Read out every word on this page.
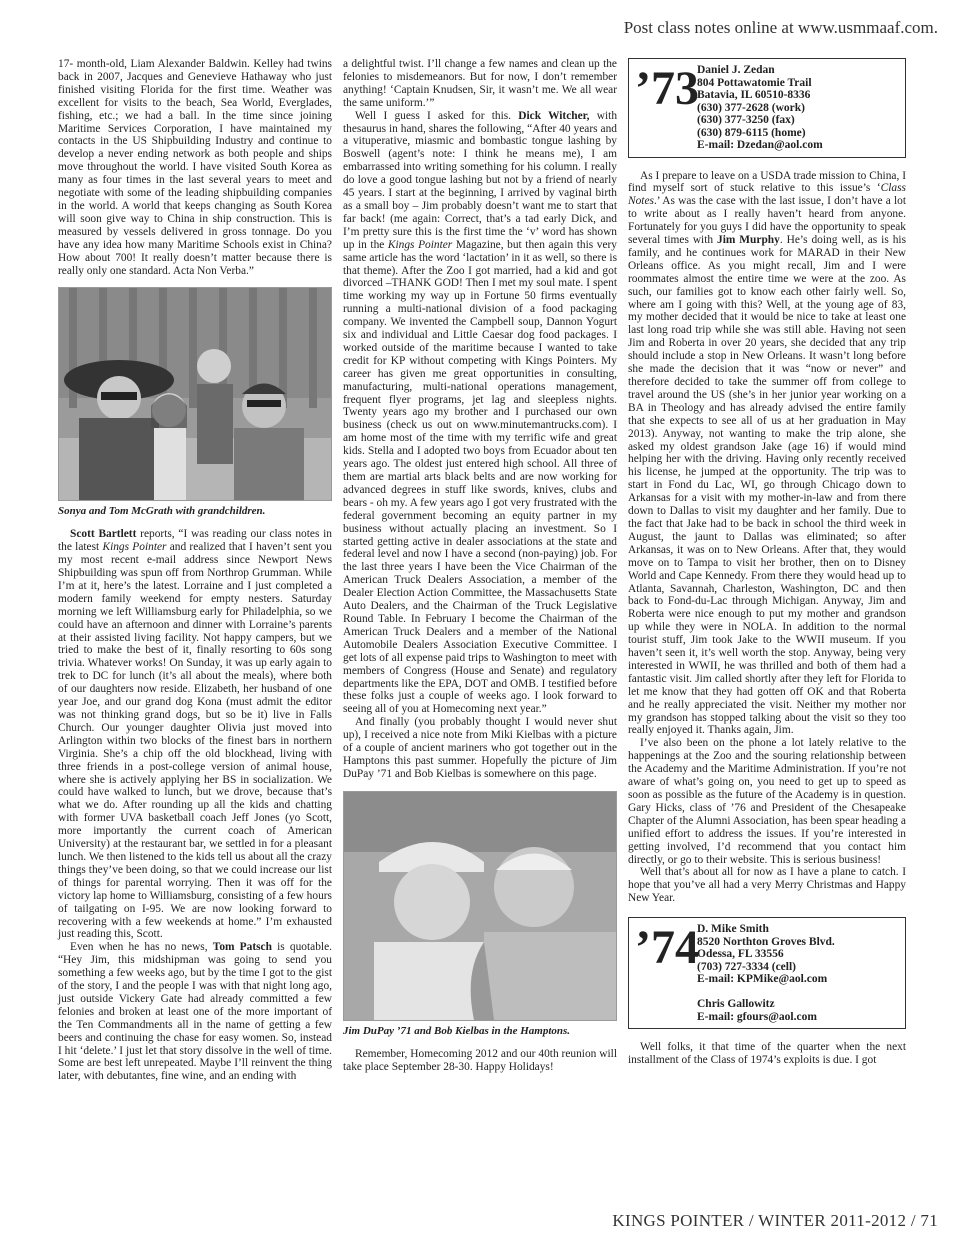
Post class notes online at www.usmmaaf.com.

17- month-old, Liam Alexander Baldwin. Kelley had twins back in 2007, Jacques and Genevieve Hathaway who just finished visiting Florida for the first time. Weather was excellent for visits to the beach, Sea World, Everglades, fishing, etc.; we had a ball. In the time since joining Maritime Services Corporation, I have maintained my contacts in the US Shipbuilding Industry and continue to develop a never ending network as both people and ships move throughout the world. I have visited South Korea as many as four times in the last several years to meet and negotiate with some of the leading shipbuilding companies in the world. A world that keeps changing as South Korea will soon give way to China in ship construction. This is measured by vessels delivered in gross tonnage. Do you have any idea how many Maritime Schools exist in China? How about 700! It really doesn’t matter because there is really only one standard. Acta Non Verba.”

Sonya and Tom McGrath with grandchildren.

Scott Bartlett reports, “I was reading our class notes in the latest Kings Pointer and realized that I haven’t sent you my most recent e-mail address since Newport News Shipbuilding was spun off from Northrop Grumman. While I’m at it, here’s the latest. Lorraine and I just completed a modern family weekend for empty nesters. Saturday morning we left Williamsburg early for Philadelphia, so we could have an afternoon and dinner with Lorraine’s parents at their assisted living facility. Not happy campers, but we tried to make the best of it, finally resorting to 60s song trivia. Whatever works! On Sunday, it was up early again to trek to DC for lunch (it’s all about the meals), where both of our daughters now reside. Elizabeth, her husband of one year Joe, and our grand dog Kona (must admit the editor was not thinking grand dogs, but so be it) live in Falls Church. Our younger daughter Olivia just moved into Arlington within two blocks of the finest bars in northern Virginia. She’s a chip off the old blockhead, living with three friends in a post-college version of animal house, where she is actively applying her BS in socialization. We could have walked to lunch, but we drove, because that’s what we do. After rounding up all the kids and chatting with former UVA basketball coach Jeff Jones (yo Scott, more importantly the current coach of American University) at the restaurant bar, we settled in for a pleasant lunch. We then listened to the kids tell us about all the crazy things they’ve been doing, so that we could increase our list of things for parental worrying. Then it was off for the victory lap home to Williamsburg, consisting of a few hours of tailgating on I-95. We are now looking forward to recovering with a few weekends at home.” I’m exhausted just reading this, Scott.

Even when he has no news, Tom Patsch is quotable. “Hey Jim, this midshipman was going to send you something a few weeks ago, but by the time I got to the gist of the story, I and the people I was with that night long ago, just outside Vickery Gate had already committed a few felonies and broken at least one of the more important of the Ten Commandments all in the name of getting a few beers and continuing the chase for easy women. So, instead I hit ‘delete.’ I just let that story dissolve in the well of time. Some are best left unrepeated. Maybe I’ll reinvent the thing later, with debutantes, fine wine, and an ending with

a delightful twist. I’ll change a few names and clean up the felonies to misdemeanors. But for now, I don’t remember anything! ‘Captain Knudsen, Sir, it wasn’t me. We all wear the same uniform.’”

Well I guess I asked for this. Dick Witcher, with thesaurus in hand, shares the following, “After 40 years and a vituperative, miasmic and bombastic tongue lashing by Boswell (agent’s note: I think he means me), I am embarrassed into writing something for his column. I really do love a good tongue lashing but not by a friend of nearly 45 years. I start at the beginning, I arrived by vaginal birth as a small boy – Jim probably doesn’t want me to start that far back! (me again: Correct, that’s a tad early Dick, and I’m pretty sure this is the first time the ‘v’ word has shown up in the Kings Pointer Magazine, but then again this very same article has the word ‘lactation’ in it as well, so there is that theme). After the Zoo I got married, had a kid and got divorced –THANK GOD! Then I met my soul mate. I spent time working my way up in Fortune 50 firms eventually running a multi-national division of a food packaging company. We invented the Campbell soup, Dannon Yogurt six and individual and Little Caesar dog food packages. I worked outside of the maritime because I wanted to take credit for KP without competing with Kings Pointers. My career has given me great opportunities in consulting, manufacturing, multi-national operations management, frequent flyer programs, jet lag and sleepless nights. Twenty years ago my brother and I purchased our own business (check us out on www.minutemantrucks.com). I am home most of the time with my terrific wife and great kids. Stella and I adopted two boys from Ecuador about ten years ago. The oldest just entered high school. All three of them are martial arts black belts and are now working for advanced degrees in stuff like swords, knives, clubs and bears - oh my. A few years ago I got very frustrated with the federal government becoming an equity partner in my business without actually placing an investment. So I started getting active in dealer associations at the state and federal level and now I have a second (non-paying) job. For the last three years I have been the Vice Chairman of the American Truck Dealers Association, a member of the Dealer Election Action Committee, the Massachusetts State Auto Dealers, and the Chairman of the Truck Legislative Round Table. In February I become the Chairman of the American Truck Dealers and a member of the National Automobile Dealers Association Executive Committee. I get lots of all expense paid trips to Washington to meet with members of Congress (House and Senate) and regulatory departments like the EPA, DOT and OMB. I testified before these folks just a couple of weeks ago. I look forward to seeing all of you at Homecoming next year.”

And finally (you probably thought I would never shut up), I received a nice note from Miki Kielbas with a picture of a couple of ancient mariners who got together out in the Hamptons this past summer. Hopefully the picture of Jim DuPay ’71 and Bob Kielbas is somewhere on this page.

Jim DuPay ’71 and Bob Kielbas in the Hamptons.

Remember, Homecoming 2012 and our 40th reunion will take place September 28-30. Happy Holidays!

’73
Daniel J. Zedan
804 Pottawatomie Trail
Batavia, IL 60510-8336
(630) 377-2628 (work)
(630) 377-3250 (fax)
(630) 879-6115 (home)
E-mail: Dzedan@aol.com

As I prepare to leave on a USDA trade mission to China, I find myself sort of stuck relative to this issue’s ‘Class Notes.’ As was the case with the last issue, I don’t have a lot to write about as I really haven’t heard from anyone. Fortunately for you guys I did have the opportunity to speak several times with Jim Murphy. He’s doing well, as is his family, and he continues work for MARAD in their New Orleans office. As you might recall, Jim and I were roommates almost the entire time we were at the zoo. As such, our families got to know each other fairly well. So, where am I going with this? Well, at the young age of 83, my mother decided that it would be nice to take at least one last long road trip while she was still able. Having not seen Jim and Roberta in over 20 years, she decided that any trip should include a stop in New Orleans. It wasn’t long before she made the decision that it was “now or never” and therefore decided to take the summer off from college to travel around the US (she’s in her junior year working on a BA in Theology and has already advised the entire family that she expects to see all of us at her graduation in May 2013). Anyway, not wanting to make the trip alone, she asked my oldest grandson Jake (age 16) if would mind helping her with the driving. Having only recently received his license, he jumped at the opportunity. The trip was to start in Fond du Lac, WI, go through Chicago down to Arkansas for a visit with my mother-in-law and from there down to Dallas to visit my daughter and her family. Due to the fact that Jake had to be back in school the third week in August, the jaunt to Dallas was eliminated; so after Arkansas, it was on to New Orleans. After that, they would move on to Tampa to visit her brother, then on to Disney World and Cape Kennedy. From there they would head up to Atlanta, Savannah, Charleston, Washington, DC and then back to Fond-du-Lac through Michigan. Anyway, Jim and Roberta were nice enough to put my mother and grandson up while they were in NOLA. In addition to the normal tourist stuff, Jim took Jake to the WWII museum. If you haven’t seen it, it’s well worth the stop. Anyway, being very interested in WWII, he was thrilled and both of them had a fantastic visit. Jim called shortly after they left for Florida to let me know that they had gotten off OK and that Roberta and he really appreciated the visit. Neither my mother nor my grandson has stopped talking about the visit so they too really enjoyed it. Thanks again, Jim.

I’ve also been on the phone a lot lately relative to the happenings at the Zoo and the souring relationship between the Academy and the Maritime Administration. If you’re not aware of what’s going on, you need to get up to speed as soon as possible as the future of the Academy is in question. Gary Hicks, class of ’76 and President of the Chesapeake Chapter of the Alumni Association, has been spear heading a unified effort to address the issues. If you’re interested in getting involved, I’d recommend that you contact him directly, or go to their website. This is serious business!

Well that’s about all for now as I have a plane to catch. I hope that you’ve all had a very Merry Christmas and Happy New Year.

’74
D. Mike Smith
8520 Northton Groves Blvd.
Odessa, FL 33556
(703) 727-3334 (cell)
E-mail: KPMike@aol.com

Chris Gallowitz
E-mail: gfours@aol.com

Well folks, it that time of the quarter when the next installment of the Class of 1974’s exploits is due. I got

KINGS POINTER / WINTER 2011-2012 / 71
